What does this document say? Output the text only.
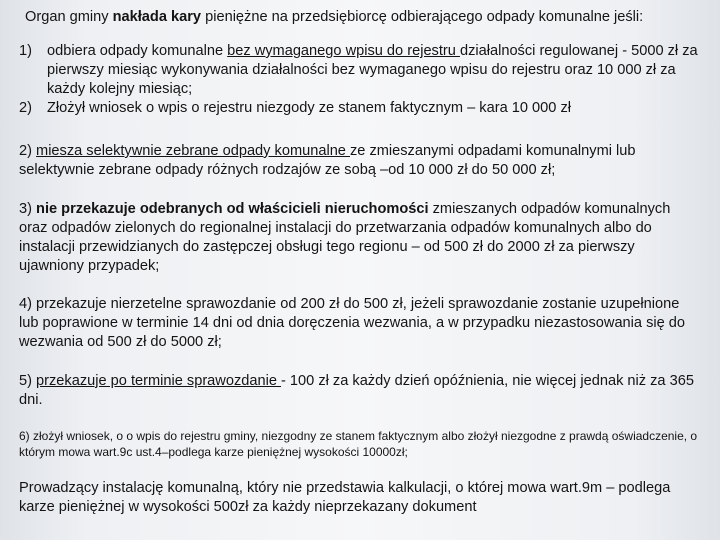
Organ gminy nakłada kary pieniężne na przedsiębiorcę odbierającego odpady komunalne jeśli:
1) odbiera odpady komunalne bez wymaganego wpisu do rejestru działalności regulowanej - 5000 zł za pierwszy miesiąc wykonywania działalności bez wymaganego wpisu do rejestru oraz 10 000 zł za każdy kolejny miesiąc;
2) Złożył wniosek o wpis o rejestru niezgody ze stanem faktycznym – kara 10 000 zł
2) miesza selektywnie zebrane odpady komunalne ze zmieszanymi odpadami komunalnymi lub selektywnie zebrane odpady różnych rodzajów ze sobą –od 10 000 zł do 50 000 zł;
3) nie przekazuje odebranych od właścicieli nieruchomości zmieszanych odpadów komunalnych oraz odpadów zielonych do regionalnej instalacji do przetwarzania odpadów komunalnych albo do instalacji przewidzianych do zastępczej obsługi tego regionu – od 500 zł do 2000 zł za pierwszy ujawniony przypadek;
4) przekazuje nierzetelne sprawozdanie od 200 zł do 500 zł, jeżeli sprawozdanie zostanie uzupełnione lub poprawione w terminie 14 dni od dnia doręczenia wezwania, a w przypadku niezastosowania się do wezwania od 500 zł do 5000 zł;
5) przekazuje po terminie sprawozdanie - 100 zł za każdy dzień opóźnienia, nie więcej jednak niż za 365 dni.
6) złożył wniosek, o o wpis do rejestru gminy, niezgodny ze stanem faktycznym albo złożył niezgodne z prawdą oświadczenie, o którym mowa wart.9c ust.4–podlega karze pieniężnej wysokości 10000zł;
Prowadzący instalację komunalną, który nie przedstawia kalkulacji, o której mowa wart.9m – podlega karze pieniężnej w wysokości 500zł za każdy nieprzekazany dokument
